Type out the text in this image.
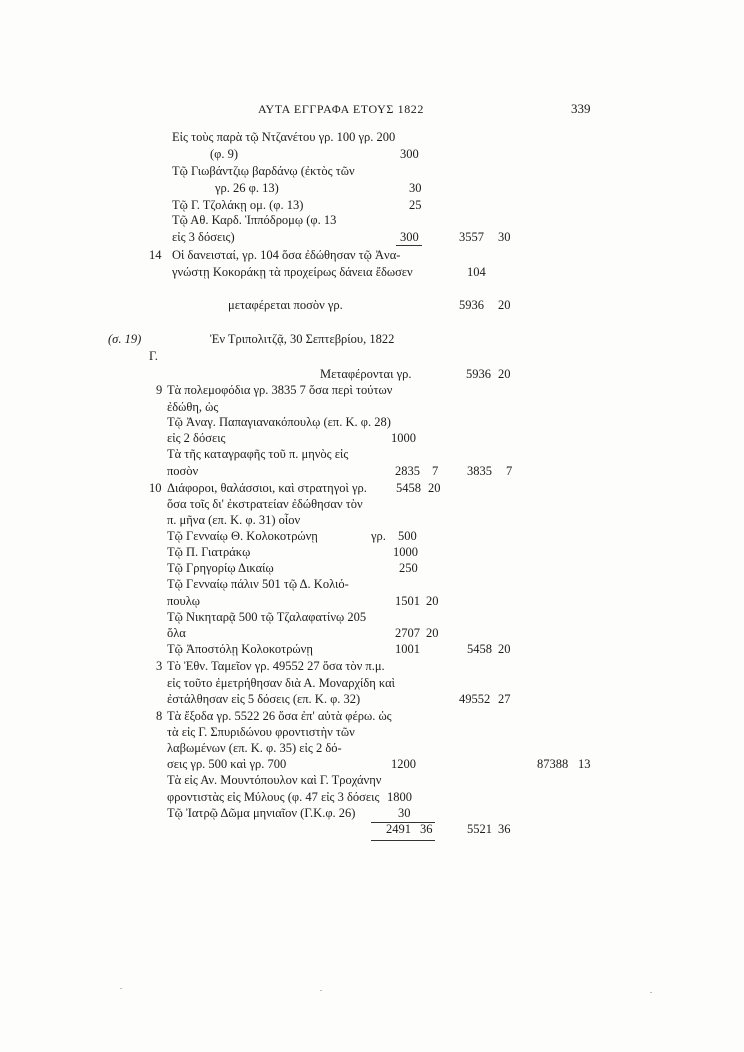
ΑΥΤΑ ΕΓΓΡΑΦΑ ΕΤΟΥΣ 1822	339
Εἰς τοὺς παρὰ τῷ Ντζανέτου γρ. 100 γρ. 200
(φ. 9)	300
Τῷ Γιωβάντζιῳ βαρδάνῳ (ἐκτὸς τῶν
γρ. 26 φ. 13)	30
Τῷ Γ. Τζολάκῃ ομ. (φ. 13)	25
Τῷ Αθ. Καρδ. Ἱππόδρομῳ (φ. 13
εἰς 3 δόσεις)	300	3557 30
14 Οἱ δανεισταί, γρ. 104 ὅσα ἐδώθησαν τῷ Ἀνα-
γνώστῃ Κοκοράκῃ τὰ προχείρως δάνεια ἔδωσεν	104
μεταφέρεται ποσὸν γρ.	5936 20
(σ. 19)	Ἐν Τριπολιτζᾷ, 30 Σεπτεβρίου, 1822
Γ.
Μεταφέρονται γρ.	5936 20
9 Τὰ πολεμοφόδια γρ. 3835 7 ὅσα περὶ τούτων
ἐδώθη, ὡς
Τῷ Ἀναγ. Παπαγιανακόπουλῳ (επ. Κ. φ. 28)
εἰς 2 δόσεις	1000
Τὰ τῆς καταγραφῆς τοῦ π. μηνὸς εἰς
ποσὸν	2835 7 3835 7
10 Διάφοροι, θαλάσσιοι, καὶ στρατηγοὶ γρ. 5458 20
ὅσα τοῖς δι' ἐκστρατείαν ἐδώθησαν τὸν
π. μῆνα (επ. Κ. φ. 31) οἷον
Τῷ Γενναίῳ Θ. Κολοκοτρώνῃ	γρ. 500
Τῷ Π. Γιατράκῳ	1000
Τῷ Γρηγορίῳ Δικαίῳ	250
Τῷ Γενναίῳ πάλιν 501 τῷ Δ. Κολιό-
πουλῳ	1501 20
Τῷ Νικηταρᾷ 500 τῷ Τζαλαφατίνῳ 205
ὅλα	2707 20
Τῷ Ἀποστόλῃ Κολοκοτρώνῃ	1001	5458 20
3 Τὸ Ἐθν. Ταμεῖον γρ. 49552 27 ὅσα τὸν π.μ.
εἰς τοῦτο ἐμετρήθησαν διὰ Α. Μοναρχίδη καὶ
ἐστάλθησαν εἰς 5 δόσεις (επ. Κ. φ. 32)	49552 27
8 Τὰ ἔξοδα γρ. 5522 26 ὅσα ἐπ' αὐτὰ φέρω. ὡς
τὰ εἰς Γ. Σπυριδώνου φροντιστὴν τῶν
λαβωμένων (επ. Κ. φ. 35) εἰς 2 δό-
σεις γρ. 500 καὶ γρ. 700	1200	87388 13
Τὰ εἰς Αν. Μουντόπουλον καὶ Γ. Τροχάνην
φροντιστὰς εἰς Μύλους (φ. 47 εἰς 3 δόσεις 1800
Τῷ Ἰατρῷ Δῶμα μηνιαῖον (Γ.Κ.φ. 26)	30
2491 36	5521 36
